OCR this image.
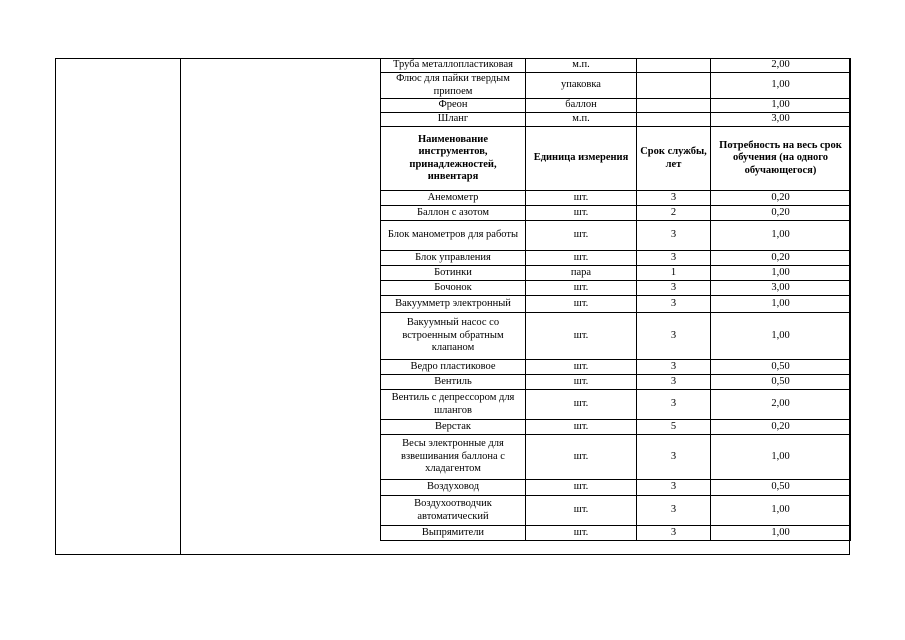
Труба металлопластиковая	м.п.		2,00
Флюс для пайки твердым припоем	упаковка		1,00
Фреон	баллон		1,00
Шланг	м.п.		3,00
Наименование инструментов, принадлежностей, инвентаря	Единица измерения	Срок службы, лет	Потребность на весь срок обучения (на одного обучающегося)
Анемометр	шт.	3	0,20
Баллон с азотом	шт.	2	0,20
Блок манометров для работы	шт.	3	1,00
Блок управления	шт.	3	0,20
Ботинки	пара	1	1,00
Бочонок	шт.	3	3,00
Вакуумметр электронный	шт.	3	1,00
Вакуумный насос со встроенным обратным клапаном	шт.	3	1,00
Ведро пластиковое	шт.	3	0,50
Вентиль	шт.	3	0,50
Вентиль с депрессором для шлангов	шт.	3	2,00
Верстак	шт.	5	0,20
Весы электронные для взвешивания баллона с хладагентом	шт.	3	1,00
Воздуховод	шт.	3	0,50
Воздухоотводчик автоматический	шт.	3	1,00
Выпрямители	шт.	3	1,00
